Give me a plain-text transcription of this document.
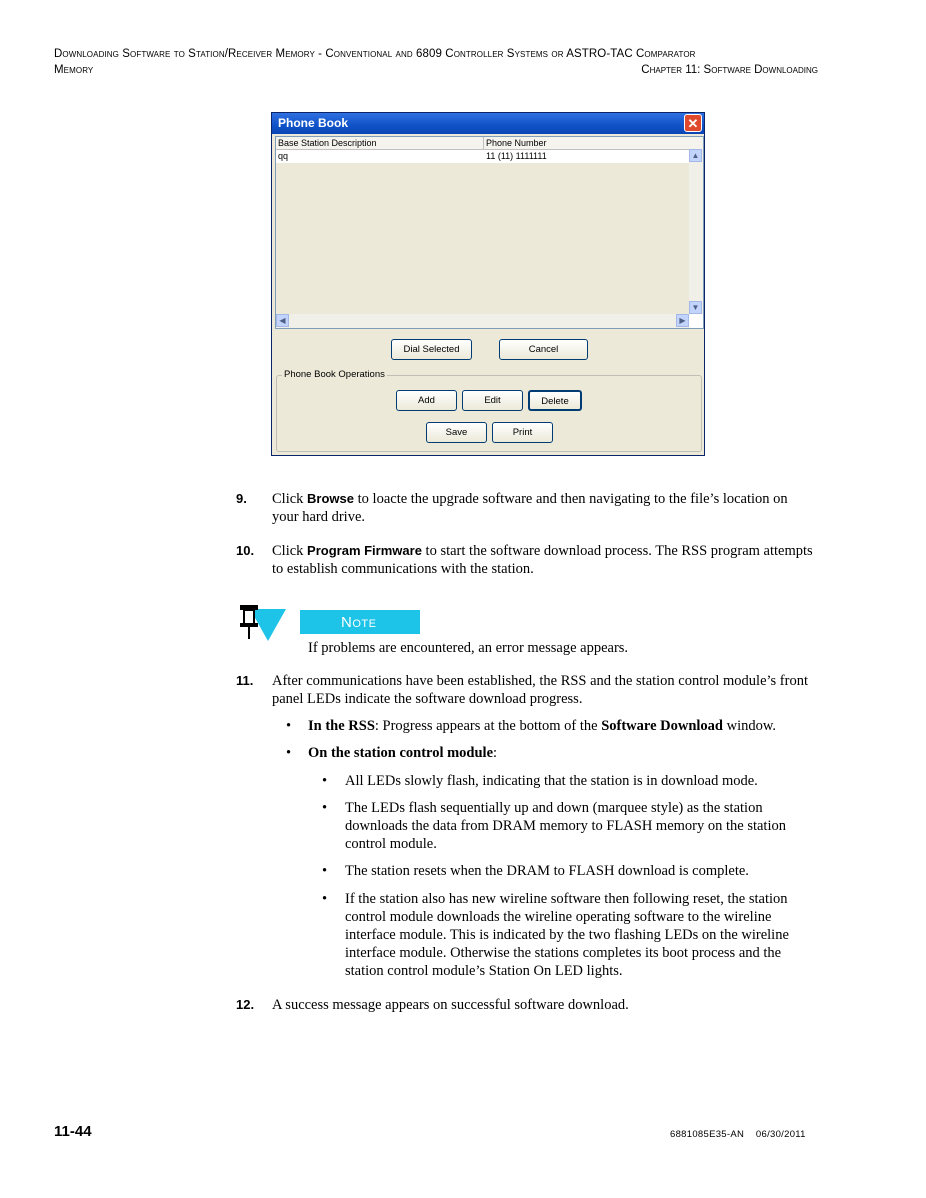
Downloading Software to Station/Receiver Memory - Conventional and 6809 Controller Systems or ASTRO-TAC Comparator
Memory	Chapter 11: Software Downloading
Phone Book	✕
Base Station Description	Phone Number
qq	11 (11) 1111111	▲
▼
◀	▶
Dial Selected	Cancel
Phone Book Operations
Add	Edit	Delete
Save	Print
9. Click Browse to loacte the upgrade software and then navigating to the file’s location on your hard drive.
10. Click Program Firmware to start the software download process. The RSS program attempts to establish communications with the station.
Note
If problems are encountered, an error message appears.
11. After communications have been established, the RSS and the station control module’s front panel LEDs indicate the software download progress.
• In the RSS: Progress appears at the bottom of the Software Download window.
• On the station control module:
• All LEDs slowly flash, indicating that the station is in download mode.
• The LEDs flash sequentially up and down (marquee style) as the station downloads the data from DRAM memory to FLASH memory on the station control module.
• The station resets when the DRAM to FLASH download is complete.
• If the station also has new wireline software then following reset, the station control module downloads the wireline operating software to the wireline interface module. This is indicated by the two flashing LEDs on the wireline interface module. Otherwise the stations completes its boot process and the station control module’s Station On LED lights.
12. A success message appears on successful software download.
11-44	6881085E35-AN    06/30/2011
